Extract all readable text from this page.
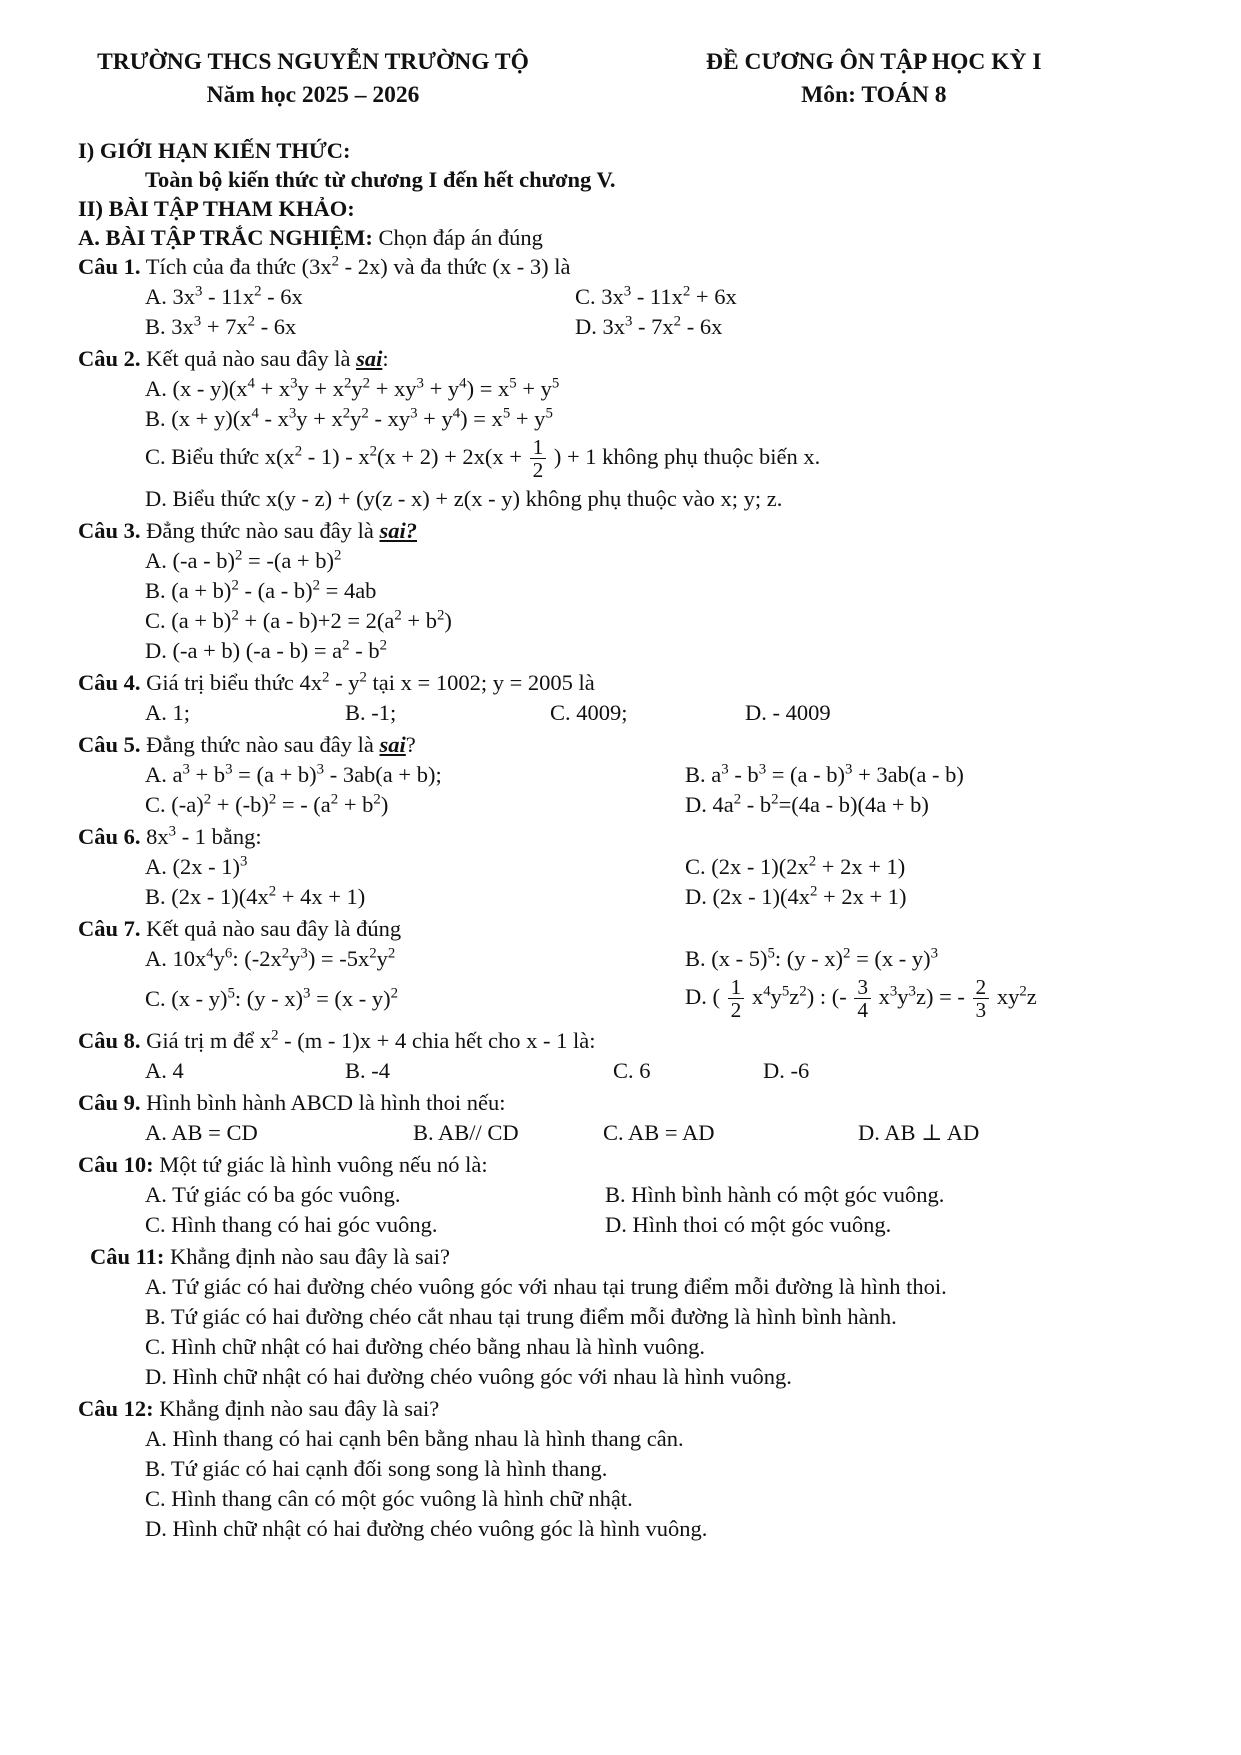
TRƯỜNG THCS NGUYỄN TRƯỜNG TỘ
Năm học 2025 – 2026
ĐỀ CƯƠNG ÔN TẬP HỌC KỲ I
Môn: TOÁN 8
I) GIỚI HẠN KIẾN THỨC:
Toàn bộ kiến thức từ chương I đến hết chương V.
II) BÀI TẬP THAM KHẢO:
A. BÀI TẬP TRẮC NGHIỆM: Chọn đáp án đúng
Câu 1. Tích của đa thức $(3x^2 - 2x)$ và đa thức (x - 3) là
A. $3x^3 - 11x^2 - 6x$	C. $3x^3 - 11x^2 + 6x$
B. $3x^3 + 7x^2 - 6x$	D. $3x^3 - 7x^2 - 6x$
Câu 2. Kết quả nào sau đây là sai:
A. $(x - y)(x^4 + x^3y + x^2y^2 + xy^3 + y^4) = x^5 + y^5$
B. $(x + y)(x^4 - x^3y + x^2y^2 - xy^3 + y^4) = x^5 + y^5$
C. Biểu thức $x(x^2 - 1) - x^2(x + 2) + 2x(x + \frac{1}{2}$ ) + 1 không phụ thuộc biến x.
D. Biểu thức x(y - z) + (y(z - x) + z(x - y) không phụ thuộc vào x; y; z.
Câu 3. Đẳng thức nào sau đây là sai?
A. $(-a - b)^2 = -(a + b)^2$
B. $(a + b)^2 - (a - b)^2 = 4ab$
C. $(a + b)^2 + (a - b)+2 = 2(a^2 + b^2)$
D. (-a + b) $(-a - b) = a^2 - b^2$
Câu 4. Giá trị biểu thức $4x^2 - y^2$ tại x = 1002; y = 2005 là
A. 1;	B. -1;	C. 4009;	D. - 4009
Câu 5. Đẳng thức nào sau đây là sai?
A. $a^3 + b^3 = (a + b)^3 - 3ab(a + b)$;	B. $a^3 - b^3 = (a - b)^3 + 3ab(a - b)$
C. $(-a)^2 + (-b)^2$ = - $(a^2 + b^2)$	D. $4a^2 - b^2=(4a - b)(4a + b)$
Câu 6. $8x^3 - 1$ bằng:
A. (2x - 1)$^3$	C. $(2x - 1)(2x^2 + 2x + 1)$
B. $(2x - 1)(4x^2 + 4x + 1)$	D. $(2x - 1)(4x^2 + 2x + 1)$
Câu 7. Kết quả nào sau đây là đúng
A. $10x^4y^6$: $(-2x^2y^3) = -5x^2y^2$	B. (x - 5)$^5$: (y - x)$^2$ = (x - y)$^3$
C. (x - y)$^5$: (y - x)$^3$ = (x - y)$^2$	D. ( $\frac{1}{2} x^4y^5z^2$) : (- $\frac{3}{4} x^3y^3z$) = - $\frac{2}{3} xy^2z$
Câu 8. Giá trị m để $x^2 - (m - 1)x + 4$ chia hết cho x - 1 là:
A. 4	B. -4	C. 6	D. -6
Câu 9. Hình bình hành ABCD là hình thoi nếu:
A. AB = CD	B. AB// CD	C. AB = AD	D. AB ⊥ AD
Câu 10: Một tứ giác là hình vuông nếu nó là:
A. Tứ giác có ba góc vuông.	B. Hình bình hành có một góc vuông.
C. Hình thang có hai góc vuông.	D. Hình thoi có một góc vuông.
Câu 11: Khẳng định nào sau đây là sai?
A. Tứ giác có hai đường chéo vuông góc với nhau tại trung điểm mỗi đường là hình thoi.
B. Tứ giác có hai đường chéo cắt nhau tại trung điểm mỗi đường là hình bình hành.
C. Hình chữ nhật có hai đường chéo bằng nhau là hình vuông.
D. Hình chữ nhật có hai đường chéo vuông góc với nhau là hình vuông.
Câu 12: Khẳng định nào sau đây là sai?
A. Hình thang có hai cạnh bên bằng nhau là hình thang cân.
B. Tứ giác có hai cạnh đối song song là hình thang.
C. Hình thang cân có một góc vuông là hình chữ nhật.
D. Hình chữ nhật có hai đường chéo vuông góc là hình vuông.
